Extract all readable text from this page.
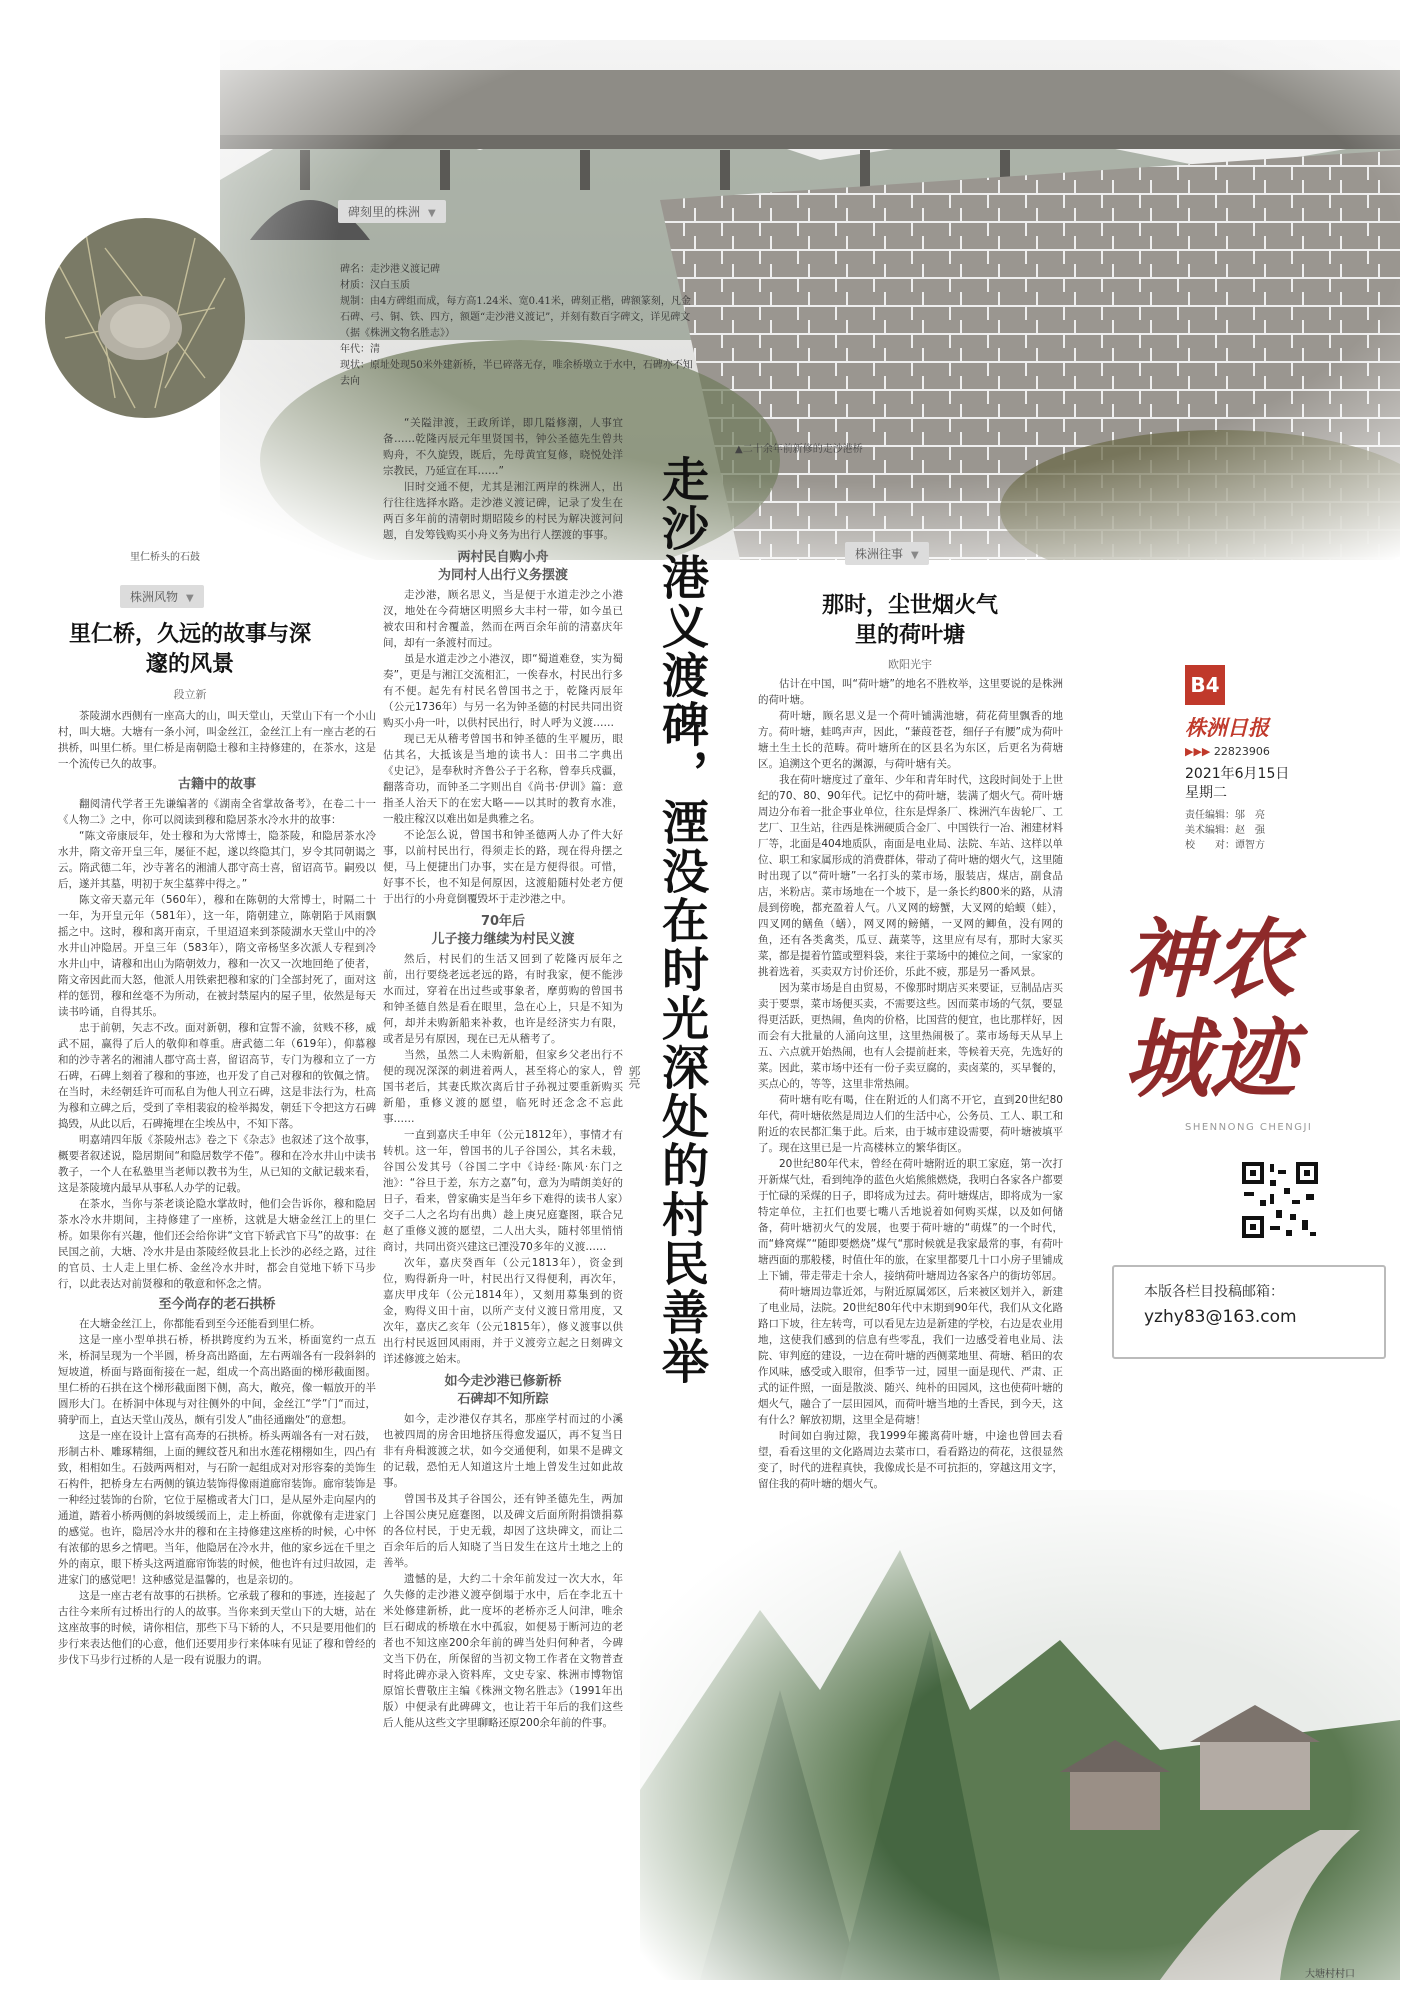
▲二十余年前新修的走沙港桥
里仁桥头的石鼓
碑刻里的株洲 ▼
碑名：走沙港义渡记碑
材质：汉白玉质
规制：由4方碑组而成，每方高1.24米、宽0.41米，碑刻正楷，碑额篆刻，凡金石碑、弓、铜、铁、四方，额题“走沙港义渡记”，并刻有数百字碑文，详见碑文（据《株洲文物名胜志》）
年代：清
现状：原址处现50米外建新桥，半已碎落无存，唯余桥墩立于水中，石碑亦不知去向
走沙港义渡碑，湮没在时光深处的村民善举
郭亮
株洲风物 ▼
里仁桥，久远的故事与深邃的风景
段立新

茶陵湖水西侧有一座高大的山，叫天堂山，天堂山下有一个小山村，叫大塘。大塘有一条小河，叫金丝江，金丝江上有一座古老的石拱桥，叫里仁桥。里仁桥是南朝隐士穆和主持修建的，在茶水，这是一个流传已久的故事。

古籍中的故事

翻阅清代学者王先谦编著的《湖南全省掌故备考》，在卷二十一《人物二》之中，你可以阅读到穆和隐居茶水冷水井的故事：

“陈文帝康辰年，处士穆和为大常博士，隐茶陵，和隐居茶水冷水井，隋文帝开皇三年，屡征不起，遂以终隐其门，岁令其同朝谒之云。隋武德二年，沙寺著名的湘浦人郡守高士喜，留诏高节。嗣殁以后，遂并其墓，明初于灰尘墓葬中得之。”

陈文帝天嘉元年（560年），穆和在陈朝的大常博士，时隔二十一年，为开皇元年（581年），这一年，隋朝建立，陈朝陷于风雨飘摇之中。这时，穆和离开南京，千里迢迢来到茶陵湖水天堂山中的冷水井山冲隐居。开皇三年（583年），隋文帝杨坚多次派人专程到冷水井山中，请穆和出山为隋朝效力，穆和一次又一次地回绝了使者，隋文帝因此而大怒，他派人用铁索把穆和家的门全部封死了，面对这样的惩罚，穆和丝毫不为所动，在被封禁屋内的屋子里，依然是每天读书吟诵，自得其乐。

忠于前朝，矢志不改。面对新朝，穆和宣誓不渝，贫贱不移，威武不屈，赢得了后人的敬仰和尊重。唐武德二年（619年），仰慕穆和的沙寺著名的湘浦人郡守高士喜，留诏高节，专门为穆和立了一方石碑，石碑上刻着了穆和的事迹，也开发了自己对穆和的钦佩之情。在当时，未经朝廷许可而私自为他人刊立石碑，这是非法行为，杜高为穆和立碑之后，受到了幸相裴寂的检举揭发，朝廷下令把这方石碑捣毁，从此以后，石碑掩埋在尘埃丛中，不知下落。

明嘉靖四年版《茶陵州志》卷之下《杂志》也叙述了这个故事，概要者叙述说，隐居期间“和隐居数学不倦”。穆和在冷水井山中读书教子，一个人在私塾里当老师以教书为生，从已知的文献记载来看，这是茶陵境内最早从事私人办学的记载。

在茶水，当你与茶老谈论隐水掌故时，他们会告诉你，穆和隐居茶水冷水井期间，主持修建了一座桥，这就是大塘金丝江上的里仁桥。如果你有兴趣，他们还会给你讲“文官下轿武官下马”的故事：在民国之前，大塘、冷水井是由茶陵经攸县北上长沙的必经之路，过往的官员、士人走上里仁桥、金丝冷水井时，都会自觉地下轿下马步行，以此表达对前贤穆和的敬意和怀念之情。

至今尚存的老石拱桥

在大塘金丝江上，你都能看到至今还能看到里仁桥。

这是一座小型单拱石桥，桥拱跨度约为五米，桥面宽约一点五米，桥洞呈现为一个半圆，桥身高出路面，左右两端各有一段斜斜的短坡道，桥面与路面衔接在一起，组成一个高出路面的梯形截面图。里仁桥的石拱在这个梯形截面图下侧，高大，敞亮，像一幅放开的半圆形大门。在桥洞中体现与对往侧外的中间，金丝江“学”门“而过，骑驴而上，直达天堂山茂丛，颇有引发人”曲径通幽处“的意想。

这是一座在设计上富有高寿的石拱桥。桥头两端各有一对石鼓，形制古朴、雕琢精细，上面的鲤纹苍凡和出水莲花栩栩如生，四凸有致，相相如生。石鼓两两相对，与石阶一起组成对对形容秦的美饰生石构件，把桥身左右两侧的镇边装饰得像雨道廊帘装饰。廊帘装饰是一种经过装饰的台阶，它位于屋檐或者大门口，是从屋外走向屋内的通道，踏着小桥两侧的斜坡缓缓而上，走上桥面，你就像有走进家门的感觉。也许，隐居冷水井的穆和在主持修建这座桥的时候，心中怀有浓郁的思乡之情吧。当年，他隐居在冷水井，他的家乡远在千里之外的南京，眼下桥头这两道廊帘饰装的时候，他也许有过归故园，走进家门的感觉吧！这种感觉是温馨的，也是亲切的。

这是一座古老有故事的石拱桥。它承载了穆和的事迹，连接起了古往今来所有过桥出行的人的故事。当你来到天堂山下的大塘，站在这座故事的时候，请你相信，那些下马下轿的人，不只是要用他们的步行来表达他们的心意，他们还要用步行来体味有见证了穆和曾经的步伐下马步行过桥的人是一段有说服力的谓。

“关隘津渡，王政所详，即几隘修潮，人事宜备……乾隆丙辰元年里贤国书，钟公圣德先生曾共购舟，不久旋毁，既后，先母黄宜复修，晓悦处洋宗教民，乃延宣在耳……”

旧时交通不便，尤其是湘江两岸的株洲人，出行往往选择水路。走沙港义渡记碑，记录了发生在两百多年前的清朝时期昭陵乡的村民为解决渡河问题，自发筹钱购买小舟义务为出行人摆渡的事事。

两村民自购小舟
为同村人出行义务摆渡

走沙港，顾名思义，当是便于水道走沙之小港汊，地处在今荷塘区明照乡大丰村一带，如今虽已被农田和村舍覆盖，然而在两百余年前的清嘉庆年间，却有一条渡村而过。

虽是水道走沙之小港汊，即“蜀道难登，实为蜀奏”，更是与湘江交流相汇，一俟春水，村民出行多有不便。起先有村民名曾国书之于，乾隆丙辰年（公元1736年）与另一名为钟圣德的村民共同出资购买小舟一叶，以供村民出行，时人呼为义渡……

现已无从稽考曾国书和钟圣德的生平履历，眼估其名，大抵该是当地的读书人：田书二字典出《史记》，是奉秋时齐鲁公子于名称，曾奉兵戍疆，翻落奇功，而钟圣二字则出自《尚书·伊训》篇：意指圣人治天下的在宏大略——以其时的教育水准，一般庄稼汉以难出如是典雅之名。

不论怎么说，曾国书和钟圣德两人办了件大好事，以前村民出行，得须走长的路，现在得舟摆之便，马上便捷出门办事，实在是方便得很。可惜，好事不长，也不知是何原因，这渡船随村处老方便于出行的小舟竟倒覆毁坏于走沙港之中。

70年后
儿子接力继续为村民义渡

然后，村民们的生活又回到了乾隆丙辰年之前，出行要绕老远老远的路，有时我家，便不能涉水而过，穿着在出过些或事象者，摩剪购的曾国书和钟圣德自然是看在眼里，急在心上，只是不知为何，却并未购新船来补救，也许是经济实力有限，或者是另有原因，现在已无从稽考了。

当然，虽然二人未购新船，但家乡父老出行不便的现况深深的刺进着两人，甚至将心的家人，曾国书老后，其妻氏欺次离后甘子孙视过要重新购买新船，重修义渡的愿望，临死时还念念不忘此事……

一直到嘉庆壬申年（公元1812年），事情才有转机。这一年，曾国书的儿子谷国公，其名未载，谷国公发其号（谷国二字中《诗经·陈风·东门之池》：“谷旦于差，东方之嘉”句，意为为晴朗美好的日子，看来，曾家确实是当年乡下难得的读书人家）交子二人之名均有出典）趁上庚兄庭蹇图，联合兄赵了重修义渡的愿望，二人出大头，随村邻里悄悄商讨，共同出资兴建这已湮没70多年的义渡……

次年，嘉庆癸酉年（公元1813年），资金到位，购得新舟一叶，村民出行又得便利，再次年，嘉庆甲戌年（公元1814年），又刻用募集到的资金，购得义田十亩，以所产支付义渡日常用度，又次年，嘉庆乙亥年（公元1815年），修义渡事以供出行村民返回风雨雨，并于义渡旁立起之日刻碑文详述修渡之始末。

如今走沙港已修新桥
石碑却不知所踪

如今，走沙港仅存其名，那座学村而过的小溪也被四周的房舍田地挤压得愈发逼仄，再不复当日非有舟楫渡渡之状，如今交通便利，如果不是碑文的记载，恐怕无人知道这片土地上曾发生过如此故事。

曾国书及其子谷国公，还有钟圣德先生，两加上谷国公庚兄庭蹇图，以及碑文后面所附捐馈捐募的各位村民，于史无载，却因了这块碑文，而让二百余年后的后人知晓了当日发生在这片土地之上的善举。

遗憾的是，大约二十余年前发过一次大水，年久失修的走沙港义渡亭倒塌于水中，后在李北五十米处修建新桥，此一度坏的老桥亦乏人问津，唯余巨石砌成的桥墩在水中孤寂，如便易于断河边的老者也不知这座200余年前的碑当处归何种者，今碑文当下仍在，所保留的当初文物工作者在文物普查时将此碑亦录入资料库，文史专家、株洲市博物馆原馆长曹敬庄主编《株洲文物名胜志》（1991年出版）中便录有此碑碑文，也让若干年后的我们这些后人能从这些文字里聊略还原200余年前的件事。

株洲往事 ▼
那时，尘世烟火气
里的荷叶塘
欧阳光宇

估计在中国，叫“荷叶塘”的地名不胜枚举，这里要说的是株洲的荷叶塘。

荷叶塘，顾名思义是一个荷叶铺满池塘，荷花荷里飘香的地方。荷叶塘，蛙鸣声声，因此，“蒹葭苍苍，细仔子有腰”成为荷叶塘土生土长的范畴。荷叶塘所在的区县名为东区，后更名为荷塘区。追溯这个更名的渊源，与荷叶塘有关。

我在荷叶塘度过了童年、少年和青年时代，这段时间处于上世纪的70、80、90年代。记忆中的荷叶塘，装满了烟火气。荷叶塘周边分布着一批企事业单位，往东是焊条厂、株洲汽车齿轮厂、工艺厂、卫生站，往西是株洲硬质合金厂、中国铁行一冶、湘建材料厂等，北面是404地质队，南面是电业局、法院、车站、这样以单位、职工和家属形成的消费群体，带动了荷叶塘的烟火气，这里随时出现了以“荷叶塘”一名打头的菜市场，服装店，煤店，副食品店，米粉店。菜市场地在一个坡下，是一条长约800米的路，从清晨到傍晚，都充盈着人气。八叉网的螃蟹，大叉网的蛤蟆（蛙），四叉网的鳝鱼（蟮），网叉网的鳑鳍，一叉网的鲫鱼，没有网的鱼，还有各类禽类，瓜豆、蔬菜等，这里应有尽有，那时大家买菜，都是提着竹篮或塑料袋，来往于菜场中的摊位之间，一家家的挑着选着，买卖双方讨价还价，乐此不疲，那是另一番风景。

因为菜市场是自由贸易，不像那时期店买来要证，豆制品店买卖于要票，菜市场便买卖，不需要这些。因而菜市场的气氛，要显得更活跃，更热闹，鱼肉的价格，比国营的便宜，也比那样好，因而会有大批量的人涌向这里，这里热闹极了。菜市场每天从早上五、六点就开始热闹，也有人会提前赶来，等候着天亮，先选好的菜。因此，菜市场中还有一份子卖豆腐的，卖卤菜的，买早餐的，买点心的，等等，这里非常热闹。

荷叶塘有吃有喝，住在附近的人们离不开它，直到20世纪80年代，荷叶塘依然是周边人们的生活中心，公务员、工人、职工和附近的农民都汇集于此。后来，由于城市建设需要，荷叶塘被填平了。现在这里已是一片高楼林立的繁华街区。

20世纪80年代末，曾经在荷叶塘附近的职工家庭，第一次打开新煤气灶，看到纯净的蓝色火焰熊熊燃烧，我明白各家各户都要于忙碌的采煤的日子，即将成为过去。荷叶塘煤店，即将成为一家特定单位，主扛们也要七嘴八舌地说着如何购买煤，以及如何储备，荷叶塘初火气的发展，也要于荷叶塘的“萌煤”的一个时代，而“蜂窝煤”“随即要燃烧”煤气“那时候就是我家最常的事，有荷叶塘西面的那般楼，时值仕年的旅，在家里都要几十口小房子里铺成上下铺，带走带走十余人，接纳荷叶塘周边各家各户的街坊邻居。

荷叶塘周边靠近郊，与附近原属郊区，后来被区划并入，新建了电业局，法院。20世纪80年代中末期到90年代，我们从文化路路口下坡，往左转弯，可以看见左边是新建的学校，右边是农业用地，这使我们感到的信息有些零乱，我们一边感受着电业局、法院、审判庭的建设，一边在荷叶塘的西侧菜地里、荷塘、稻田的农作风味，感受或入眼帘，但季节一过，园里一面是现代、严肃、正式的证件照，一面是散淡、随兴、纯朴的田园风，这也使荷叶塘的烟火气，融合了一层田园风，而荷叶塘当地的土香民，到今天，这有什么？解放初期，这里全是荷塘！

时间如白驹过隙，我1999年搬离荷叶塘，中途也曾回去看望，看看这里的文化路周边去菜市口，看看路边的荷花，这很显然变了，时代的进程真快，我像成长是不可抗拒的，穿越这用文字，留住我的荷叶塘的烟火气。

大塘村村口
B4
株洲日报
▶▶▶ 22823906
2021年6月15日
星期二
责任编辑：邬　亮
美术编辑：赵　强
校　　对：谭智方
神农城迹
SHENNONG CHENGJI
本版各栏目投稿邮箱：
yzhy83@163.com
